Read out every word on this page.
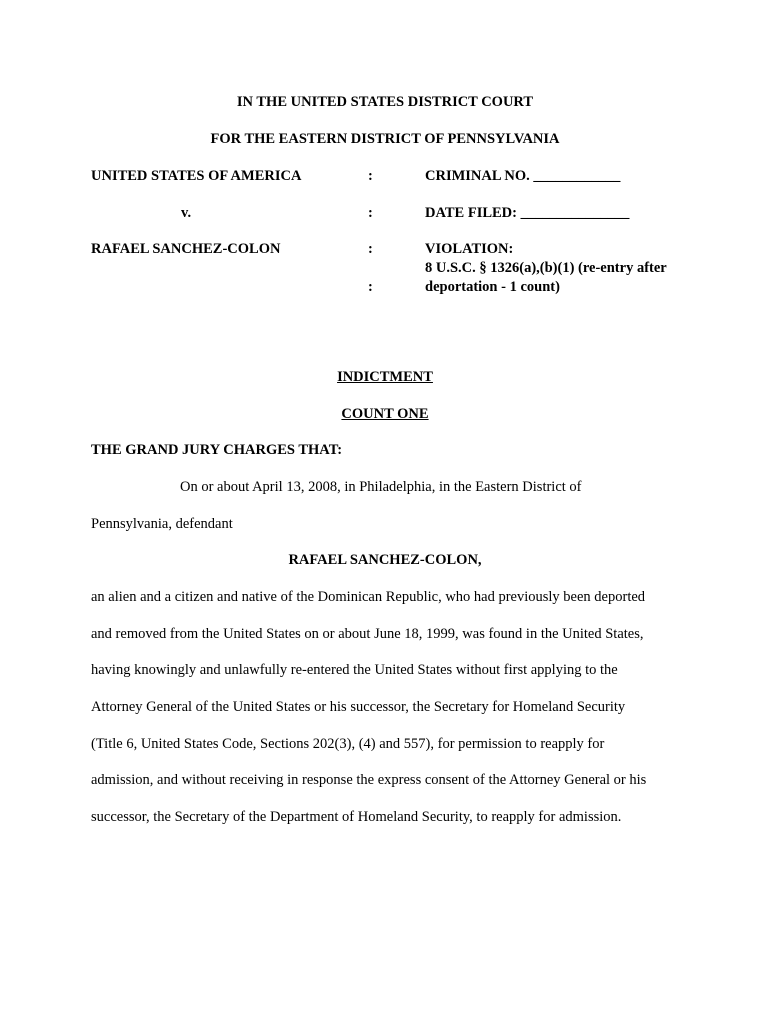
IN THE UNITED STATES DISTRICT COURT
FOR THE EASTERN DISTRICT OF PENNSYLVANIA
UNITED STATES OF AMERICA
v.
RAFAEL SANCHEZ-COLON
:
:
:
:
CRIMINAL NO. ____________
DATE FILED: _______________
VIOLATION:
8 U.S.C. § 1326(a),(b)(1) (re-entry after
deportation - 1 count)
INDICTMENT
COUNT ONE
THE GRAND JURY CHARGES THAT:
On or about April 13, 2008, in Philadelphia, in the Eastern District of
Pennsylvania, defendant
RAFAEL SANCHEZ-COLON,
an alien and a citizen and native of the Dominican Republic, who had previously been deported
and removed from the United States on or about June 18, 1999, was found in the United States,
having knowingly and unlawfully re-entered the United States without first applying to the
Attorney General of the United States or his successor, the Secretary for Homeland Security
(Title 6, United States Code, Sections 202(3), (4) and 557), for permission to reapply for
admission, and without receiving in response the express consent of the Attorney General or his
successor, the Secretary of the Department of Homeland Security, to reapply for admission.
